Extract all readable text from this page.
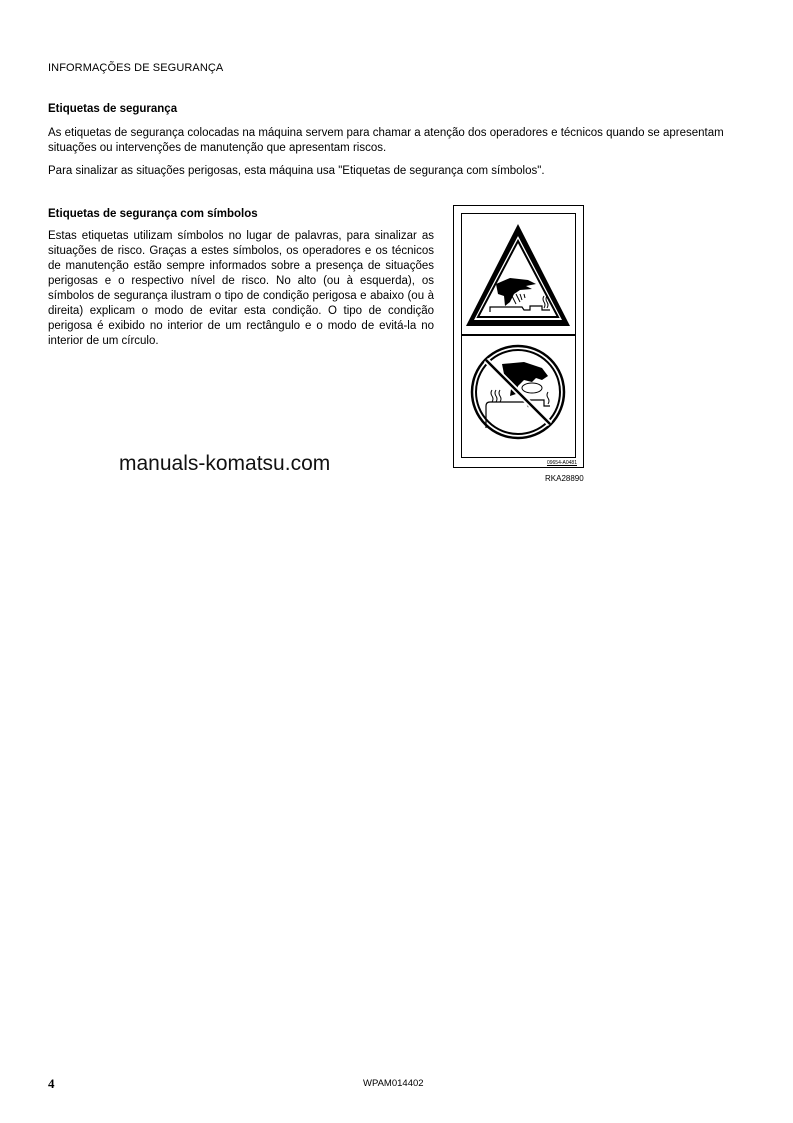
INFORMAÇÕES DE SEGURANÇA
Etiquetas de segurança
As etiquetas de segurança colocadas na máquina servem para chamar a atenção dos operadores e técnicos quando se apresentam situações ou intervenções de manutenção que apresentam riscos.
Para sinalizar as situações perigosas, esta máquina usa "Etiquetas de segurança com símbolos".
Etiquetas de segurança com símbolos
Estas etiquetas utilizam símbolos no lugar de palavras, para sinalizar as situações de risco. Graças a estes símbolos, os operadores e os técnicos de manutenção estão sempre informados sobre a presença de situações perigosas e o respectivo nível de risco. No alto (ou à esquerda), os símbolos de segurança ilustram o tipo de condição perigosa e abaixo (ou à direita) explicam o modo de evitar esta condição. O tipo de condição perigosa é exibido no interior de um rectângulo e o modo de evitá-la no interior de um círculo.
manuals-komatsu.com	09654-A0481
RKA28890
4	WPAM014402
